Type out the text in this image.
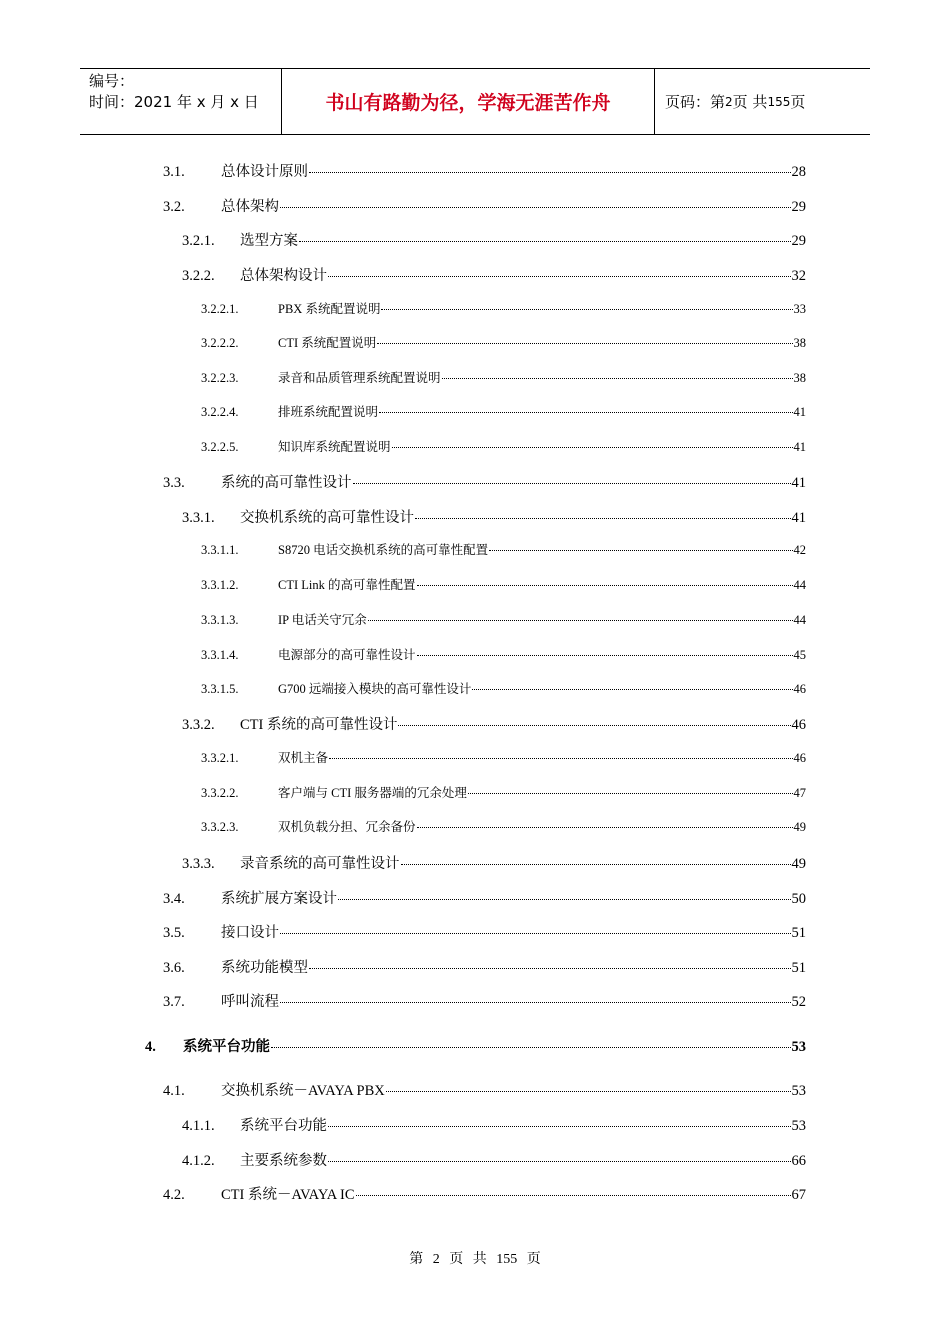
编号：
时间：2021 年 x 月 x 日	书山有路勤为径，学海无涯苦作舟	页码：第 2 页 共 155 页
3.1.	总体设计原则	28
3.2.	总体架构	29
3.2.1.	选型方案	29
3.2.2.	总体架构设计	32
3.2.2.1.	PBX 系统配置说明	33
3.2.2.2.	CTI 系统配置说明	38
3.2.2.3.	录音和品质管理系统配置说明	38
3.2.2.4.	排班系统配置说明	41
3.2.2.5.	知识库系统配置说明	41
3.3.	系统的高可靠性设计	41
3.3.1.	交换机系统的高可靠性设计	41
3.3.1.1.	S8720 电话交换机系统的高可靠性配置	42
3.3.1.2.	CTI Link 的高可靠性配置	44
3.3.1.3.	IP 电话关守冗余	44
3.3.1.4.	电源部分的高可靠性设计	45
3.3.1.5.	G700 远端接入模块的高可靠性设计	46
3.3.2.	CTI 系统的高可靠性设计	46
3.3.2.1.	双机主备	46
3.3.2.2.	客户端与 CTI 服务器端的冗余处理	47
3.3.2.3.	双机负载分担、冗余备份	49
3.3.3.	录音系统的高可靠性设计	49
3.4.	系统扩展方案设计	50
3.5.	接口设计	51
3.6.	系统功能模型	51
3.7.	呼叫流程	52
4.	系统平台功能	53
4.1.	交换机系统－AVAYA PBX	53
4.1.1.	系统平台功能	53
4.1.2.	主要系统参数	66
4.2.	CTI 系统－AVAYA IC	67
第 2 页 共 155 页
